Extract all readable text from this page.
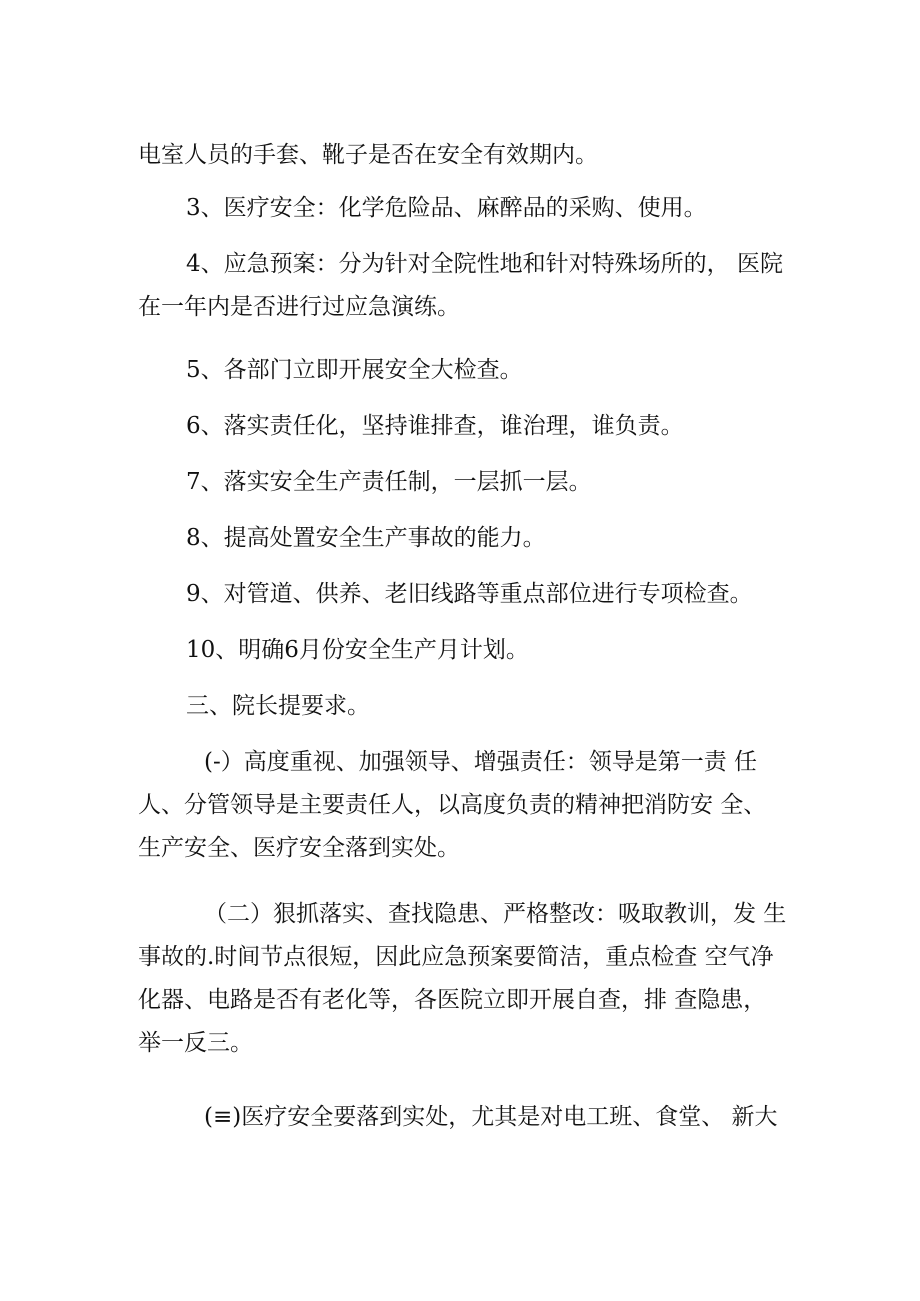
电室人员的手套、靴子是否在安全有效期内。

3、医疗安全：化学危险品、麻醉品的采购、使用。

4、应急预案：分为针对全院性地和针对特殊场所的， 医院
在一年内是否进行过应急演练。

5、各部门立即开展安全大检查。

6、落实责任化，坚持谁排查，谁治理，谁负责。

7、落实安全生产责任制，一层抓一层。

8、提高处置安全生产事故的能力。

9、对管道、供养、老旧线路等重点部位进行专项检查。

10、明确6月份安全生产月计划。

三、院长提要求。

(-）高度重视、加强领导、增强责任：领导是第一责 任
人、分管领导是主要责任人，以高度负责的精神把消防安 全、
生产安全、医疗安全落到实处。

（二）狠抓落实、查找隐患、严格整改：吸取教训，发 生
事故的.时间节点很短，因此应急预案要简洁，重点检查 空气净
化器、电路是否有老化等，各医院立即开展自查，排 查隐患，
举一反三。

(≡)医疗安全要落到实处，尤其是对电工班、食堂、 新大
